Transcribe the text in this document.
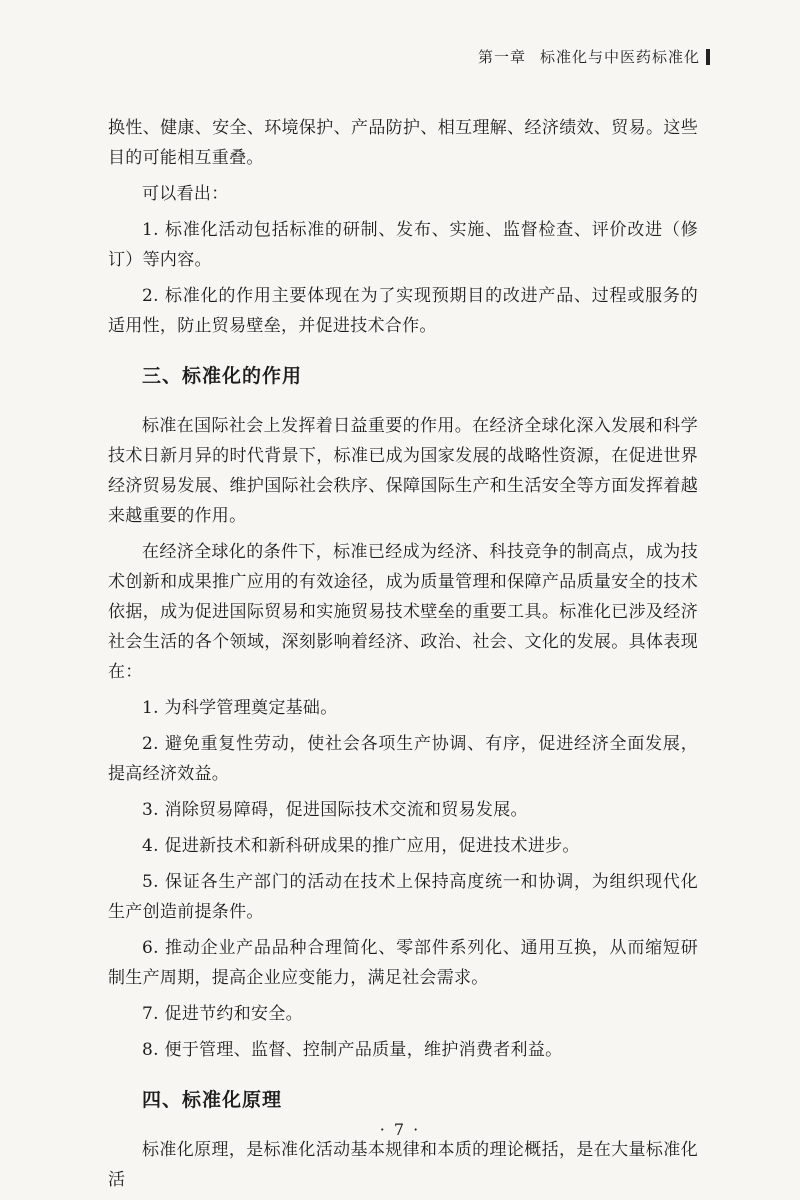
第一章 标准化与中医药标准化

换性、健康、安全、环境保护、产品防护、相互理解、经济绩效、贸易。这些目的可能相互重叠。

可以看出：

1. 标准化活动包括标准的研制、发布、实施、监督检查、评价改进（修订）等内容。

2. 标准化的作用主要体现在为了实现预期目的改进产品、过程或服务的适用性，防止贸易壁垒，并促进技术合作。

三、标准化的作用

标准在国际社会上发挥着日益重要的作用。在经济全球化深入发展和科学技术日新月异的时代背景下，标准已成为国家发展的战略性资源，在促进世界经济贸易发展、维护国际社会秩序、保障国际生产和生活安全等方面发挥着越来越重要的作用。

在经济全球化的条件下，标准已经成为经济、科技竞争的制高点，成为技术创新和成果推广应用的有效途径，成为质量管理和保障产品质量安全的技术依据，成为促进国际贸易和实施贸易技术壁垒的重要工具。标准化已涉及经济社会生活的各个领域，深刻影响着经济、政治、社会、文化的发展。具体表现在：

1. 为科学管理奠定基础。

2. 避免重复性劳动，使社会各项生产协调、有序，促进经济全面发展，提高经济效益。

3. 消除贸易障碍，促进国际技术交流和贸易发展。

4. 促进新技术和新科研成果的推广应用，促进技术进步。

5. 保证各生产部门的活动在技术上保持高度统一和协调，为组织现代化生产创造前提条件。

6. 推动企业产品品种合理简化、零部件系列化、通用互换，从而缩短研制生产周期，提高企业应变能力，满足社会需求。

7. 促进节约和安全。

8. 便于管理、监督、控制产品质量，维护消费者利益。

四、标准化原理

标准化原理，是标准化活动基本规律和本质的理论概括，是在大量标准化活

· 7 ·
